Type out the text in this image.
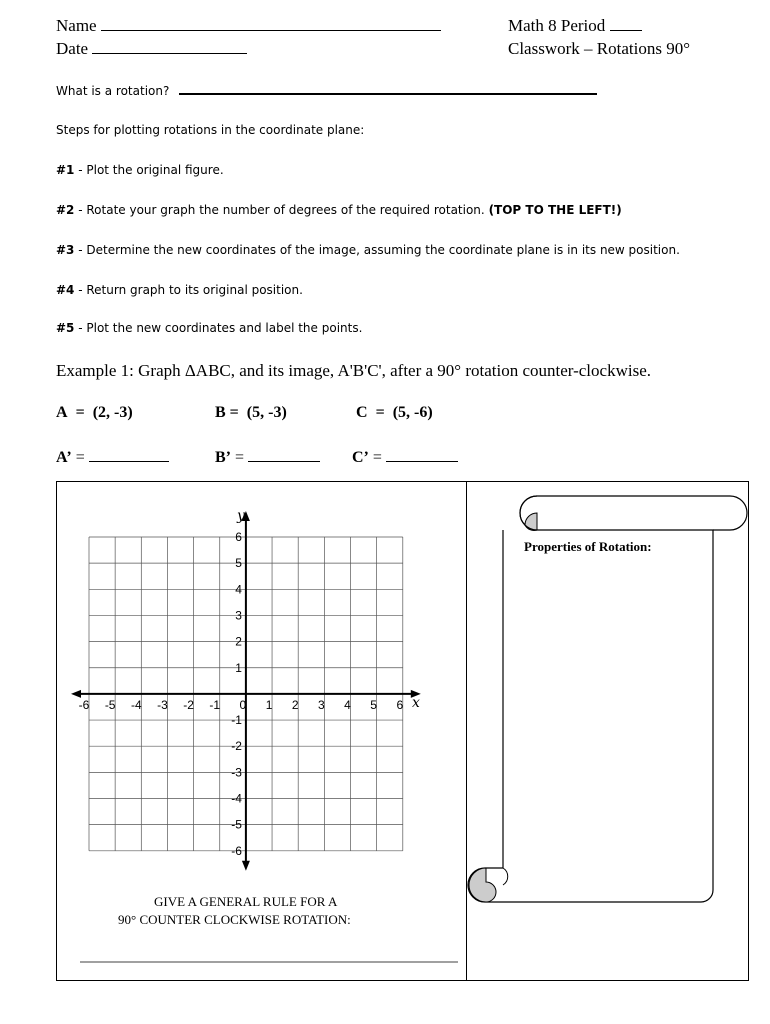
Name
Date
Math 8 Period
Classwork – Rotations 90°
What is a rotation?
Steps for plotting rotations in the coordinate plane:
#1 - Plot the original figure.
#2 - Rotate your graph the number of degrees of the required rotation. (TOP TO THE LEFT!)
#3 - Determine the new coordinates of the image, assuming the coordinate plane is in its new position.
#4 - Return graph to its original position.
#5 - Plot the new coordinates and label the points.
Example 1: Graph ΔABC, and its image, A'B'C', after a 90° rotation counter-clockwise.
A  =  (2, -3)	B =  (5, -3)	C  =  (5, -6)
A’ =	B’ =	C’ =
-6 -5 -4 -3 -2 -1 0 1 2 3 4 5 6
6
5
4
3
2
1
-1
-2
-3
-4
-5
-6
x
y
Properties of Rotation:
GIVE A GENERAL RULE FOR A
90° COUNTER CLOCKWISE ROTATION:
